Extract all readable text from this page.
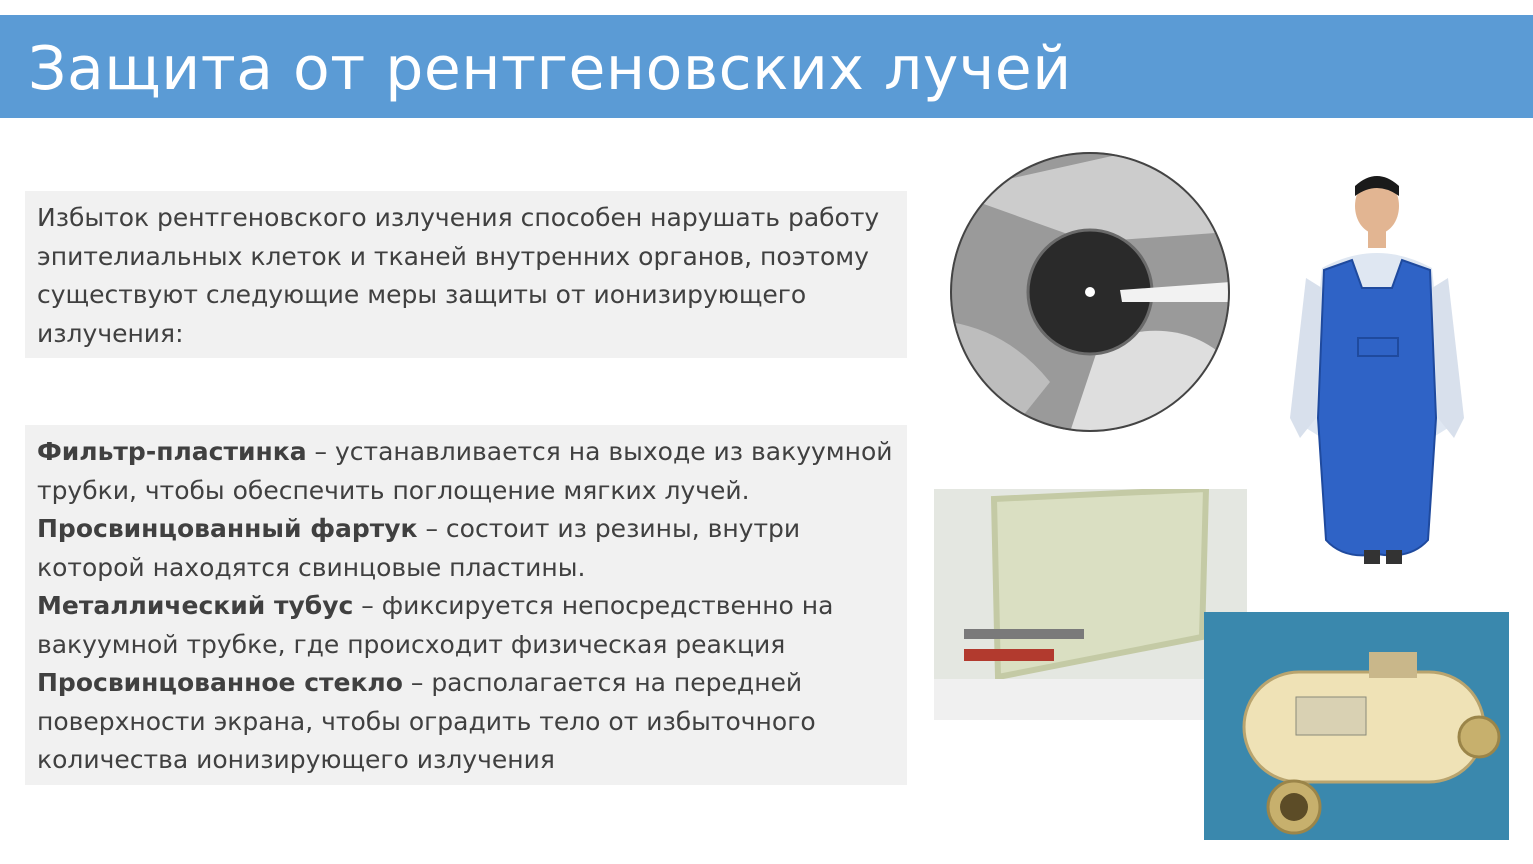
Защита от рентгеновских лучей
Избыток рентгеновского излучения способен нарушать работу
эпителиальных клеток и тканей внутренних органов, поэтому
существуют следующие меры защиты от ионизирующего
излучения:
Фильтр-пластинка – устанавливается на выходе из вакуумной
трубки, чтобы обеспечить поглощение мягких лучей.
Просвинцованный фартук – состоит из резины, внутри
которой находятся свинцовые пластины.
Металлический тубус – фиксируется непосредственно на
вакуумной трубке, где происходит физическая реакция
Просвинцованное стекло – располагается на передней
поверхности экрана, чтобы оградить тело от избыточного
количества ионизирующего излучения
